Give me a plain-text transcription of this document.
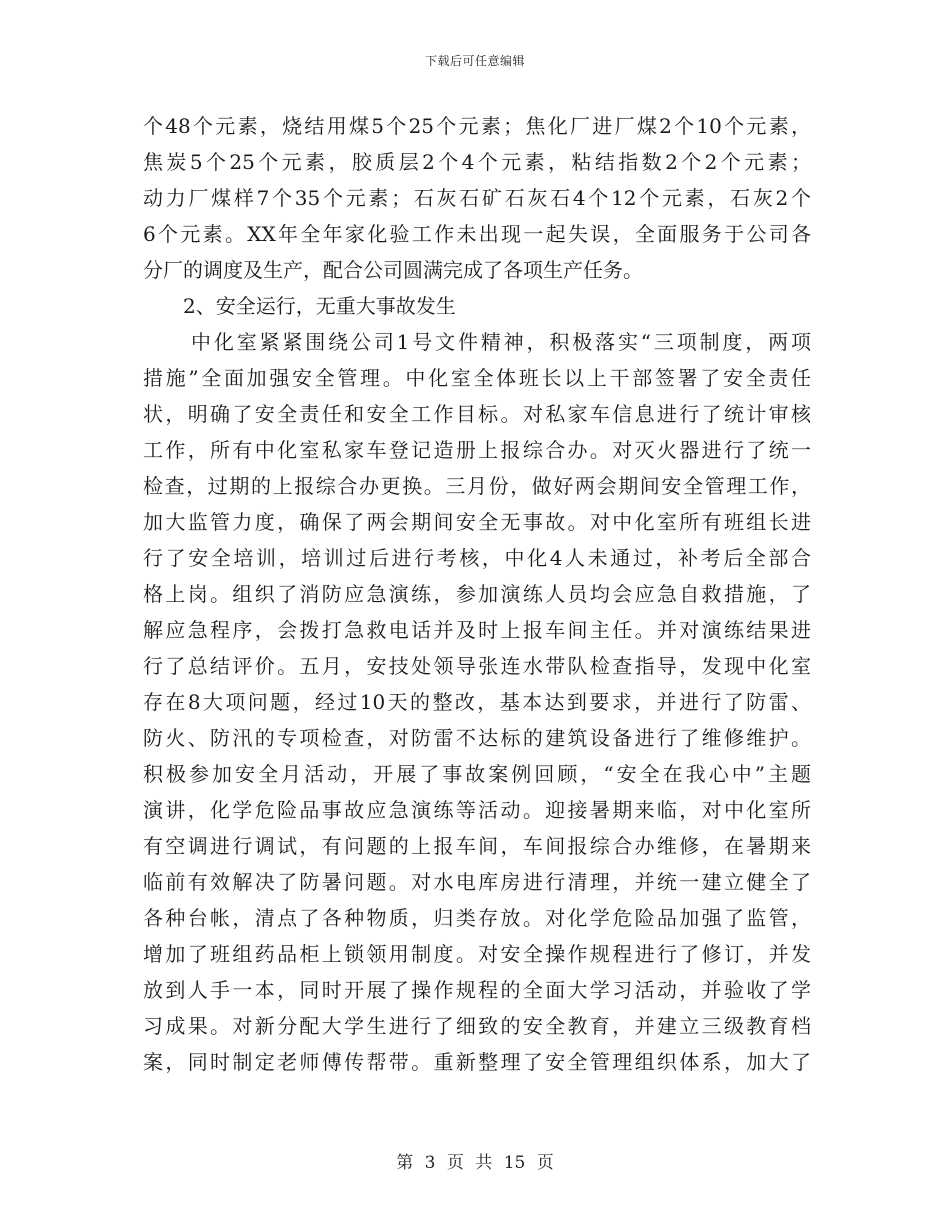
下载后可任意编辑
个48个元素，烧结用煤5个25个元素；焦化厂进厂煤2个10个元素，
焦炭5个25个元素，胶质层2个4个元素，粘结指数2个2个元素；
动力厂煤样7个35个元素；石灰石矿石灰石4个12个元素，石灰2个
6个元素。XX年全年家化验工作未出现一起失误，全面服务于公司各
分厂的调度及生产，配合公司圆满完成了各项生产任务。
2、安全运行，无重大事故发生
中化室紧紧围绕公司1号文件精神，积极落实“三项制度，两项
措施”全面加强安全管理。中化室全体班长以上干部签署了安全责任
状，明确了安全责任和安全工作目标。对私家车信息进行了统计审核
工作，所有中化室私家车登记造册上报综合办。对灭火器进行了统一
检查，过期的上报综合办更换。三月份，做好两会期间安全管理工作，
加大监管力度，确保了两会期间安全无事故。对中化室所有班组长进
行了安全培训，培训过后进行考核，中化4人未通过，补考后全部合
格上岗。组织了消防应急演练，参加演练人员均会应急自救措施，了
解应急程序，会拨打急救电话并及时上报车间主任。并对演练结果进
行了总结评价。五月，安技处领导张连水带队检查指导，发现中化室
存在8大项问题，经过10天的整改，基本达到要求，并进行了防雷、
防火、防汛的专项检查，对防雷不达标的建筑设备进行了维修维护。
积极参加安全月活动，开展了事故案例回顾，“安全在我心中”主题
演讲，化学危险品事故应急演练等活动。迎接暑期来临，对中化室所
有空调进行调试，有问题的上报车间，车间报综合办维修，在暑期来
临前有效解决了防暑问题。对水电库房进行清理，并统一建立健全了
各种台帐，清点了各种物质，归类存放。对化学危险品加强了监管，
增加了班组药品柜上锁领用制度。对安全操作规程进行了修订，并发
放到人手一本，同时开展了操作规程的全面大学习活动，并验收了学
习成果。对新分配大学生进行了细致的安全教育，并建立三级教育档
案，同时制定老师傅传帮带。重新整理了安全管理组织体系，加大了
第 3 页 共 15 页
